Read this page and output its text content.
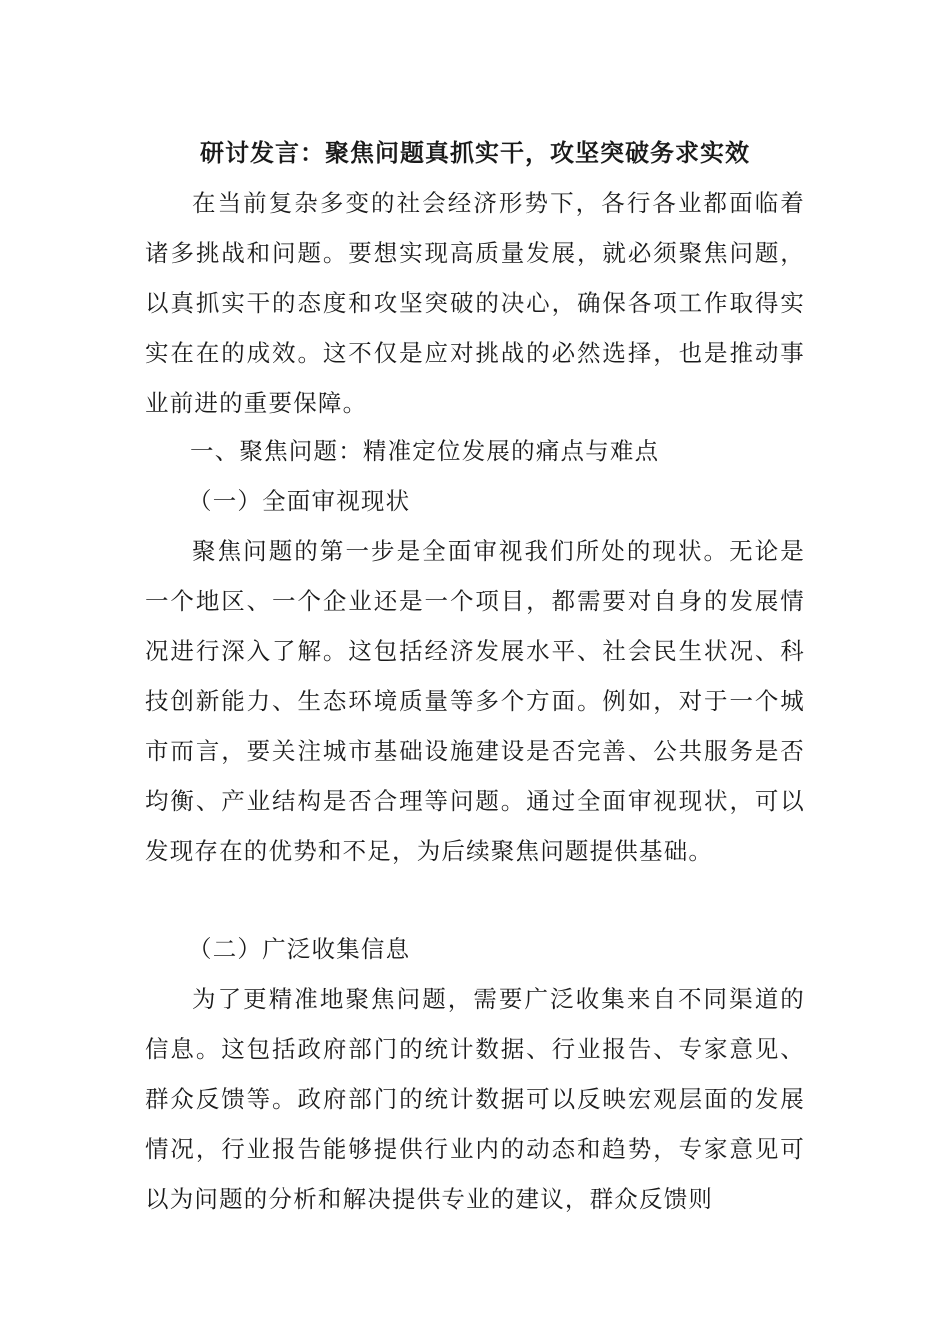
研讨发言：聚焦问题真抓实干，攻坚突破务求实效

在当前复杂多变的社会经济形势下，各行各业都面临着诸多挑战和问题。要想实现高质量发展，就必须聚焦问题，以真抓实干的态度和攻坚突破的决心，确保各项工作取得实实在在的成效。这不仅是应对挑战的必然选择，也是推动事业前进的重要保障。

一、聚焦问题：精准定位发展的痛点与难点

（一）全面审视现状

聚焦问题的第一步是全面审视我们所处的现状。无论是一个地区、一个企业还是一个项目，都需要对自身的发展情况进行深入了解。这包括经济发展水平、社会民生状况、科技创新能力、生态环境质量等多个方面。例如，对于一个城市而言，要关注城市基础设施建设是否完善、公共服务是否均衡、产业结构是否合理等问题。通过全面审视现状，可以发现存在的优势和不足，为后续聚焦问题提供基础。

（二）广泛收集信息

为了更精准地聚焦问题，需要广泛收集来自不同渠道的信息。这包括政府部门的统计数据、行业报告、专家意见、群众反馈等。政府部门的统计数据可以反映宏观层面的发展情况，行业报告能够提供行业内的动态和趋势，专家意见可以为问题的分析和解决提供专业的建议，群众反馈则
